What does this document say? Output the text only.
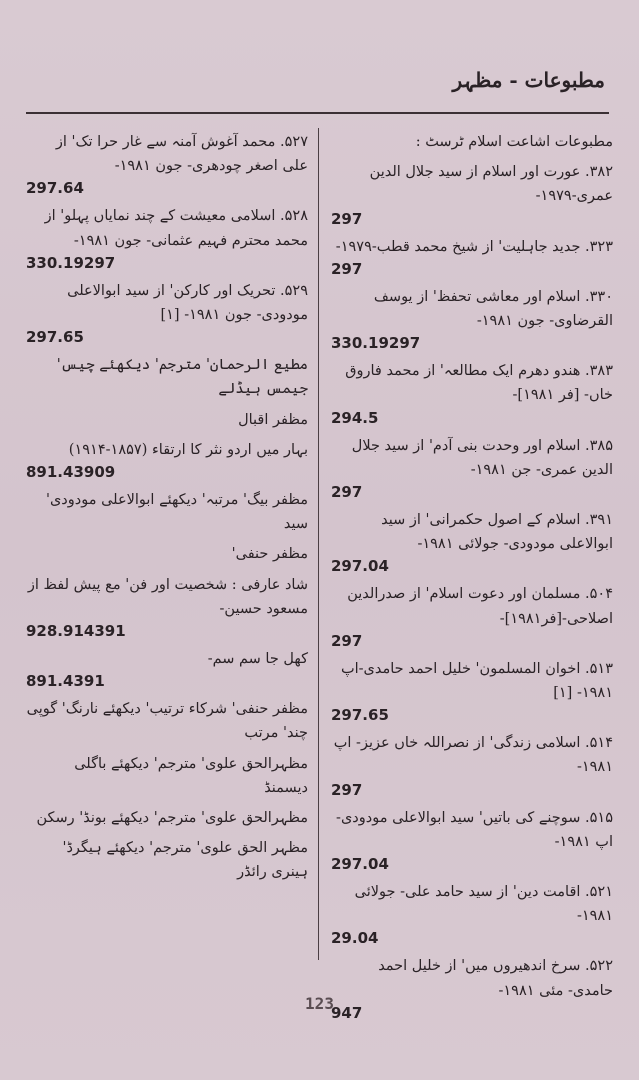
مطبوعات - مظہر
مطبوعات اشاعت اسلام ٹرسٹ :
۳۸۲. عورت اور اسلام از سید جلال الدین عمری-۱۹۷۹-
297
۳۲۳. جدید جاہلیت' از شیخ محمد قطب-۱۹۷۹-
297
۳۳۰. اسلام اور معاشی تحفظ' از یوسف القرضاوی- جون ۱۹۸۱-
330.19297
۳۸۳. ھندو دھرم ایک مطالعہ' از محمد فاروق خاں- [فر ۱۹۸۱]-
294.5
۳۸۵. اسلام اور وحدت بنی آدم' از سید جلال الدین عمری- جن ۱۹۸۱-
297
۳۹۱. اسلام کے اصول حکمرانی' از سید ابوالاعلی مودودی- جولائی ۱۹۸۱-
297.04
۵۰۴. مسلمان اور دعوت اسلام' از صدرالدین اصلاحی-[فر۱۹۸۱]-
297
۵۱۳. اخوان المسلمون' خلیل احمد حامدی-اپ ۱۹۸۱- [۱]
297.65
۵۱۴. اسلامی زندگی' از نصراللہ خاں عزیز- اپ ۱۹۸۱-
297
۵۱۵. سوچنے کی باتیں' سید ابوالاعلی مودودی- اپ ۱۹۸۱-
297.04
۵۲۱. اقامت دین' از سید حامد علی- جولائی ۱۹۸۱-
29.04
۵۲۲. سرخ اندھیروں میں' از خلیل احمد حامدی- مئی ۱۹۸۱-
947
۵۲۷. محمد آغوش آمنہ سے غار حرا تک' از علی اصغر چودھری- جون ۱۹۸۱-
297.64
۵۲۸. اسلامی معیشت کے چند نمایاں پہلو' از محمد محترم فہیم عثمانی- جون ۱۹۸۱-
330.19297
۵۲۹. تحریک اور کارکن' از سید ابوالاعلی مودودی- جون ۱۹۸۱- [۱]
297.65
مطیع الرحمان' مترجم' دیکھئے چیس' جیمس ہیڈلے
مظفر اقبال
بہار میں اردو نثر کا ارتقاء (۱۸۵۷-۱۹۱۴)
891.43909
مظفر بیگ' مرتبہ' دیکھئے ابوالاعلی مودودی' سید
مظفر حنفی'
شاد عارفی : شخصیت اور فن' مع پیش لفظ از مسعود حسین-
928.914391
کھل جا سم سم-
891.4391
مظفر حنفی' شرکاء ترتیب' دیکھئے نارنگ' گوپی چند' مرتب
مظہرالحق علوی' مترجم' دیکھئے باگلی دیسمنڈ
مظہرالحق علوی' مترجم' دیکھئے بونڈ' رسکن
مظہر الحق علوی' مترجم' دیکھئے ہیگرڈ' ہینری رائڈر
123
